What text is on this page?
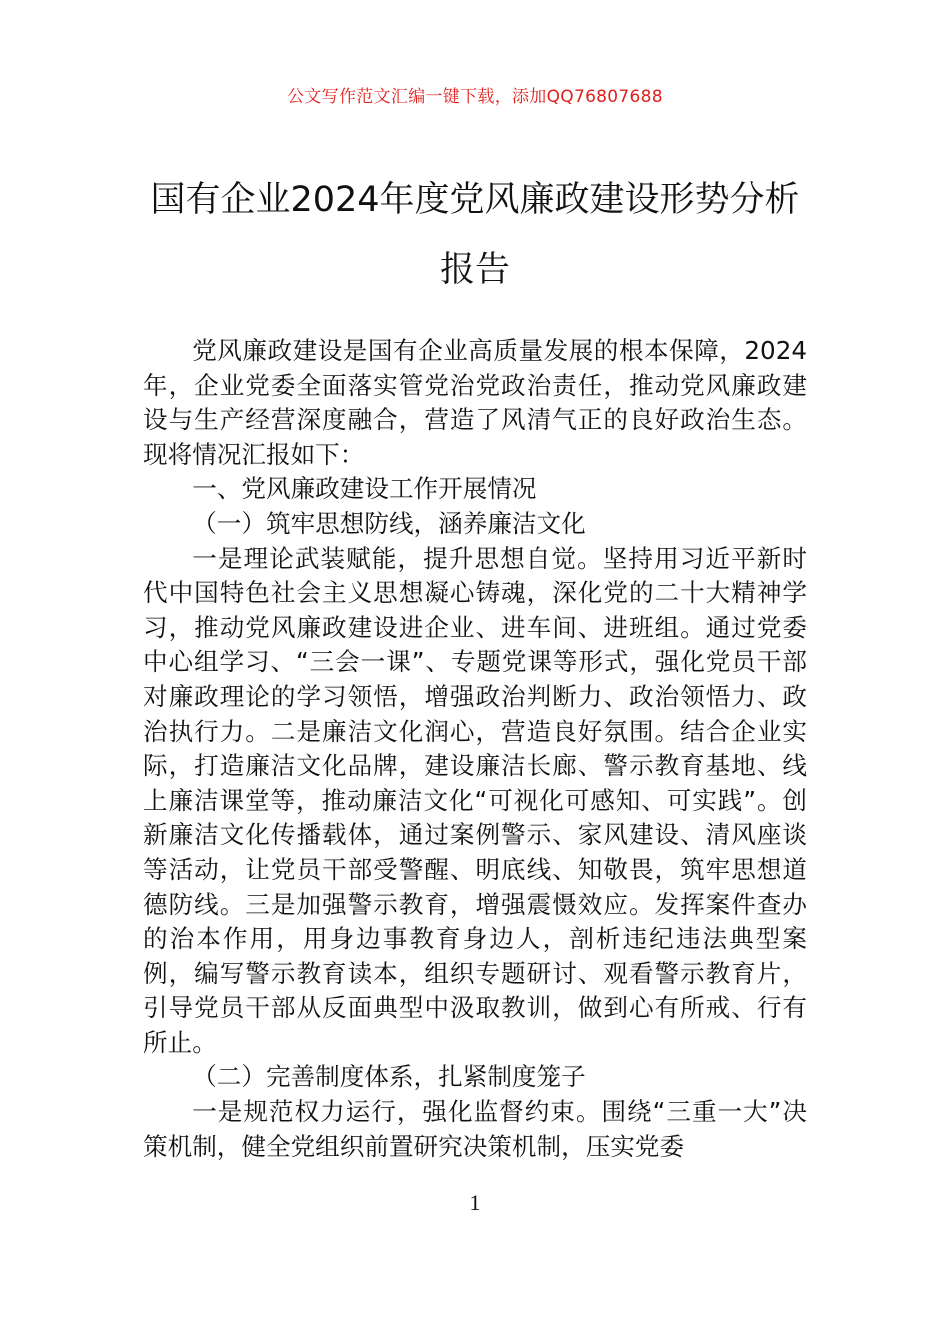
公文写作范文汇编一键下载，添加QQ76807688
国有企业2024年度党风廉政建设形势分析
报告

党风廉政建设是国有企业高质量发展的根本保障，2024年，企业党委全面落实管党治党政治责任，推动党风廉政建设与生产经营深度融合，营造了风清气正的良好政治生态。现将情况汇报如下：

一、党风廉政建设工作开展情况

（一）筑牢思想防线，涵养廉洁文化

一是理论武装赋能，提升思想自觉。坚持用习近平新时代中国特色社会主义思想凝心铸魂，深化党的二十大精神学习，推动党风廉政建设进企业、进车间、进班组。通过党委中心组学习、“三会一课”、专题党课等形式，强化党员干部对廉政理论的学习领悟，增强政治判断力、政治领悟力、政治执行力。二是廉洁文化润心，营造良好氛围。结合企业实际，打造廉洁文化品牌，建设廉洁长廊、警示教育基地、线上廉洁课堂等，推动廉洁文化“可视化可感知、可实践”。创新廉洁文化传播载体，通过案例警示、家风建设、清风座谈等活动，让党员干部受警醒、明底线、知敬畏，筑牢思想道德防线。三是加强警示教育，增强震慑效应。发挥案件查办的治本作用，用身边事教育身边人，剖析违纪违法典型案例，编写警示教育读本，组织专题研讨、观看警示教育片，引导党员干部从反面典型中汲取教训，做到心有所戒、行有所止。

（二）完善制度体系，扎紧制度笼子

一是规范权力运行，强化监督约束。围绕“三重一大”决策机制，健全党组织前置研究决策机制，压实党委

1
